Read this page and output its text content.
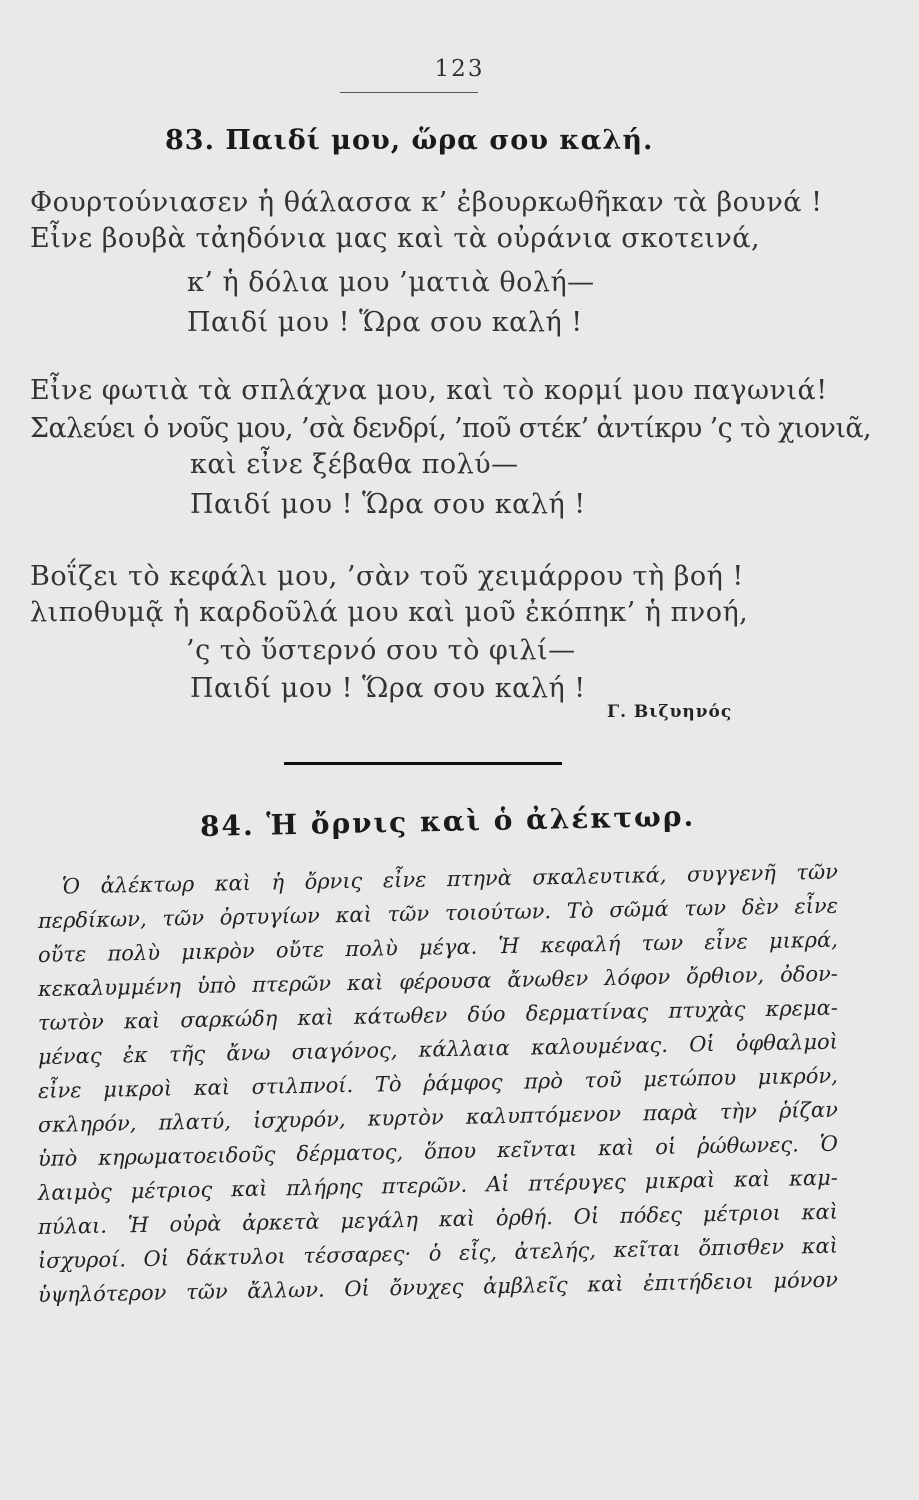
123
83. Παιδί μου, ὥρα σου καλή.
Φουρτούνιασεν ἡ θάλασσα κ’ ἐβουρκωθῆκαν τὰ βουνά !
Εἶνε βουβὰ τἀηδόνια μας καὶ τὰ οὐράνια σκοτεινά,
κ’ ἡ δόλια μου ’ματιὰ θολή—
Παιδί μου ! Ὥρα σου καλή !
Εἶνε φωτιὰ τὰ σπλάχνα μου, καὶ τὸ κορμί μου παγωνιά!
Σαλεύει ὁ νοῦς μου, ’σὰ δενδρί, ’ποῦ στέκ’ ἀντίκρυ ’ς τὸ χιονιᾶ,
καὶ εἶνε ξέβαθα πολύ—
Παιδί μου ! Ὥρα σου καλή !
Βοΐζει τὸ κεφάλι μου, ’σὰν τοῦ χειμάρρου τὴ βοή !
λιποθυμᾷ ἡ καρδοῦλά μου καὶ μοῦ ἐκόπηκ’ ἡ πνοή,
’ς τὸ ὕστερνό σου τὸ φιλί—
Παιδί μου ! Ὥρα σου καλή !
Γ. Βιζυηνός
84. Ἡ ὄρνις καὶ ὁ ἀλέκτωρ.
Ὁ ἀλέκτωρ καὶ ἡ ὄρνις εἶνε πτηνὰ σκαλευτικά, συγγενῆ τῶν
περδίκων, τῶν ὀρτυγίων καὶ τῶν τοιούτων. Τὸ σῶμά των δὲν εἶνε
οὔτε πολὺ μικρὸν οὔτε πολὺ μέγα. Ἡ κεφαλή των εἶνε μικρά,
κεκαλυμμένη ὑπὸ πτερῶν καὶ φέρουσα ἄνωθεν λόφον ὄρθιον, ὀδον-
τωτὸν καὶ σαρκώδη καὶ κάτωθεν δύο δερματίνας πτυχὰς κρεμα-
μένας ἐκ τῆς ἄνω σιαγόνος, κάλλαια καλουμένας. Οἱ ὀφθαλμοὶ
εἶνε μικροὶ καὶ στιλπνοί. Τὸ ῥάμφος πρὸ τοῦ μετώπου μικρόν,
σκληρόν, πλατύ, ἰσχυρόν, κυρτὸν καλυπτόμενον παρὰ τὴν ῥίζαν
ὑπὸ κηρωματοειδοῦς δέρματος, ὅπου κεῖνται καὶ οἱ ῥώθωνες. Ὁ
λαιμὸς μέτριος καὶ πλήρης πτερῶν. Αἱ πτέρυγες μικραὶ καὶ καμ-
πύλαι. Ἡ οὐρὰ ἀρκετὰ μεγάλη καὶ ὀρθή. Οἱ πόδες μέτριοι καὶ
ἰσχυροί. Οἱ δάκτυλοι τέσσαρες· ὁ εἷς, ἀτελής, κεῖται ὄπισθεν καὶ
ὑψηλότερον τῶν ἄλλων. Οἱ ὄνυχες ἀμβλεῖς καὶ ἐπιτήδειοι μόνον
